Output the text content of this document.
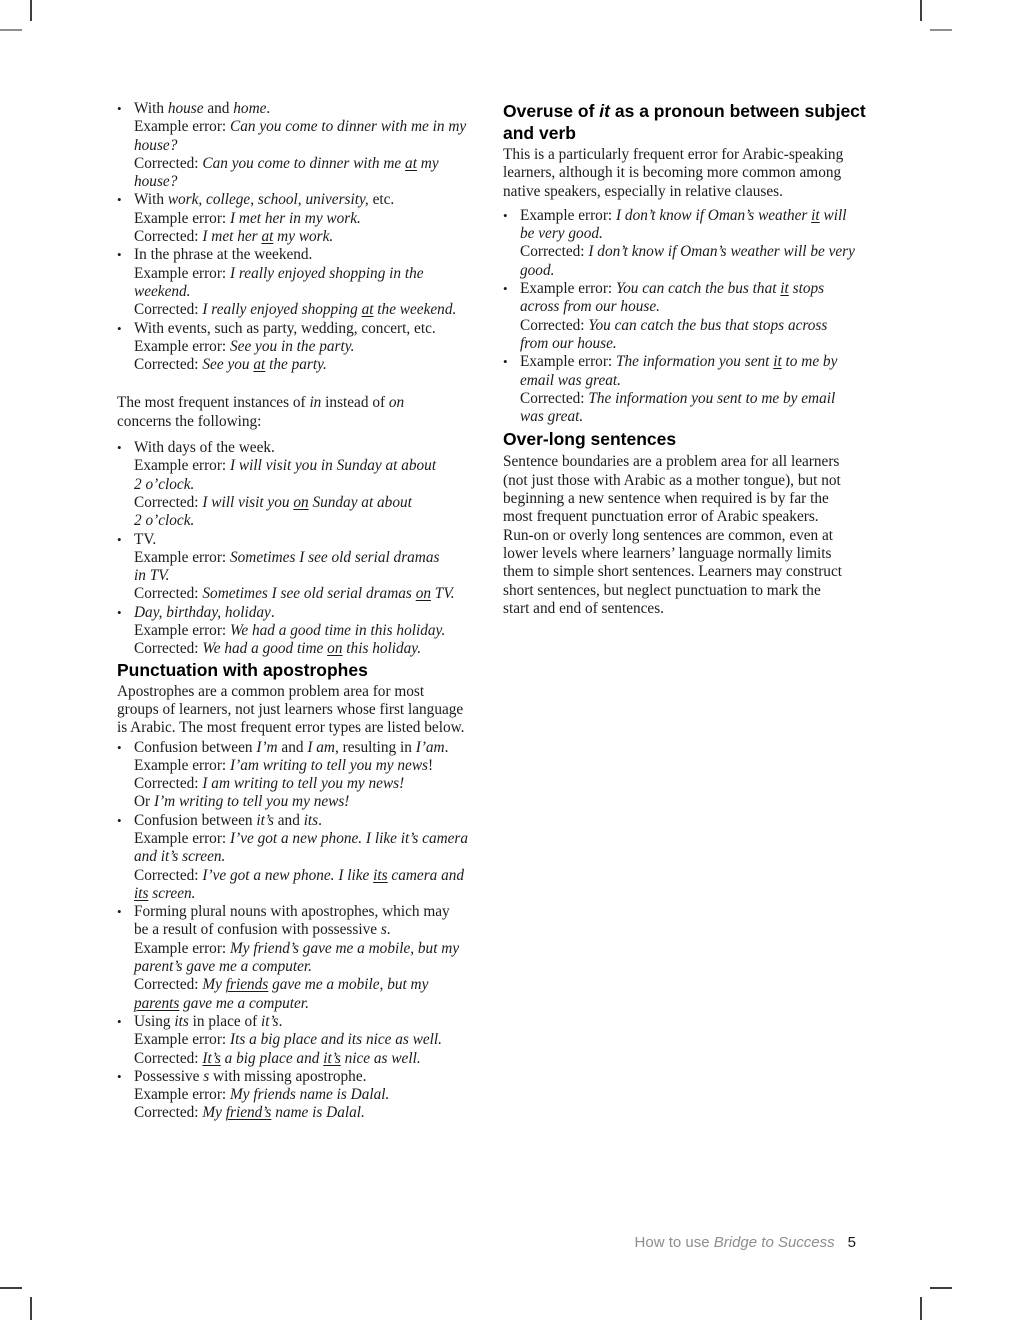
• With house and home.
Example error: Can you come to dinner with me in my
house?
Corrected: Can you come to dinner with me at my
house?
• With work, college, school, university, etc.
Example error: I met her in my work.
Corrected: I met her at my work.
• In the phrase at the weekend.
Example error: I really enjoyed shopping in the
weekend.
Corrected: I really enjoyed shopping at the weekend.
• With events, such as party, wedding, concert, etc.
Example error: See you in the party.
Corrected: See you at the party.
The most frequent instances of in instead of on
concerns the following:
• With days of the week.
Example error: I will visit you in Sunday at about
2 o’clock.
Corrected: I will visit you on Sunday at about
2 o’clock.
• TV.
Example error: Sometimes I see old serial dramas
in TV.
Corrected: Sometimes I see old serial dramas on TV.
• Day, birthday, holiday.
Example error: We had a good time in this holiday.
Corrected: We had a good time on this holiday.
Punctuation with apostrophes
Apostrophes are a common problem area for most
groups of learners, not just learners whose first language
is Arabic. The most frequent error types are listed below.
• Confusion between I’m and I am, resulting in I’am.
Example error: I’am writing to tell you my news!
Corrected: I am writing to tell you my news!
Or I’m writing to tell you my news!
• Confusion between it’s and its.
Example error: I’ve got a new phone. I like it’s camera
and it’s screen.
Corrected: I’ve got a new phone. I like its camera and
its screen.
• Forming plural nouns with apostrophes, which may
be a result of confusion with possessive s.
Example error: My friend’s gave me a mobile, but my
parent’s gave me a computer.
Corrected: My friends gave me a mobile, but my
parents gave me a computer.
• Using its in place of it’s.
Example error: Its a big place and its nice as well.
Corrected: It’s a big place and it’s nice as well.
• Possessive s with missing apostrophe.
Example error: My friends name is Dalal.
Corrected: My friend’s name is Dalal.
Overuse of it as a pronoun between subject
and verb
This is a particularly frequent error for Arabic-speaking
learners, although it is becoming more common among
native speakers, especially in relative clauses.
• Example error: I don’t know if Oman’s weather it will
be very good.
Corrected: I don’t know if Oman’s weather will be very
good.
• Example error: You can catch the bus that it stops
across from our house.
Corrected: You can catch the bus that stops across
from our house.
• Example error: The information you sent it to me by
email was great.
Corrected: The information you sent to me by email
was great.
Over-long sentences
Sentence boundaries are a problem area for all learners
(not just those with Arabic as a mother tongue), but not
beginning a new sentence when required is by far the
most frequent punctuation error of Arabic speakers.
Run-on or overly long sentences are common, even at
lower levels where learners’ language normally limits
them to simple short sentences. Learners may construct
short sentences, but neglect punctuation to mark the
start and end of sentences.
How to use Bridge to Success 5
